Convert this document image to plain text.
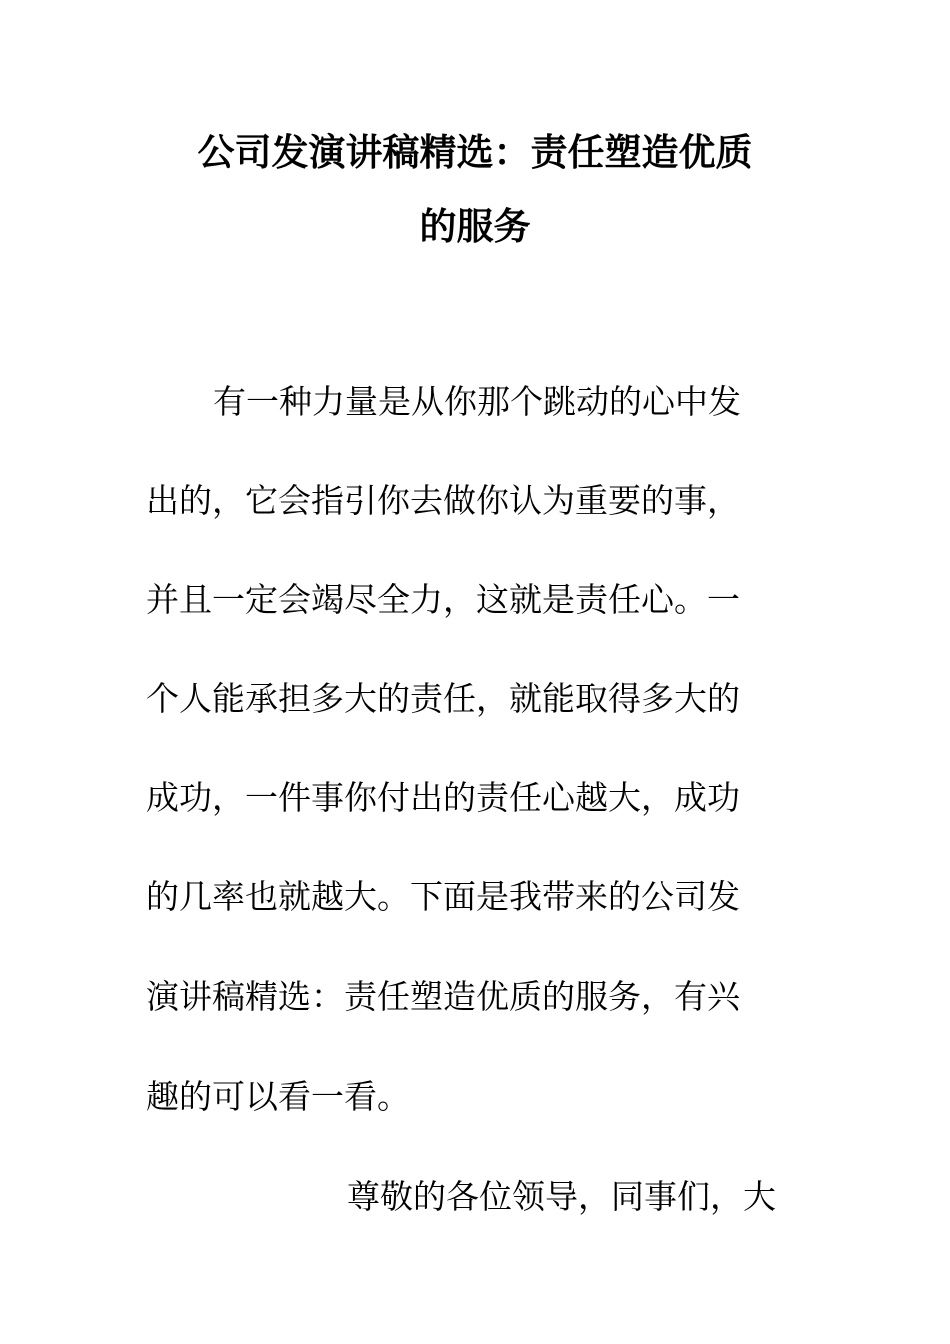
公司发演讲稿精选：责任塑造优质
的服务
有一种力量是从你那个跳动的心中发
出的，它会指引你去做你认为重要的事，
并且一定会竭尽全力，这就是责任心。一
个人能承担多大的责任，就能取得多大的
成功，一件事你付出的责任心越大，成功
的几率也就越大。下面是我带来的公司发
演讲稿精选：责任塑造优质的服务，有兴
趣的可以看一看。
尊敬的各位领导，同事们，大
